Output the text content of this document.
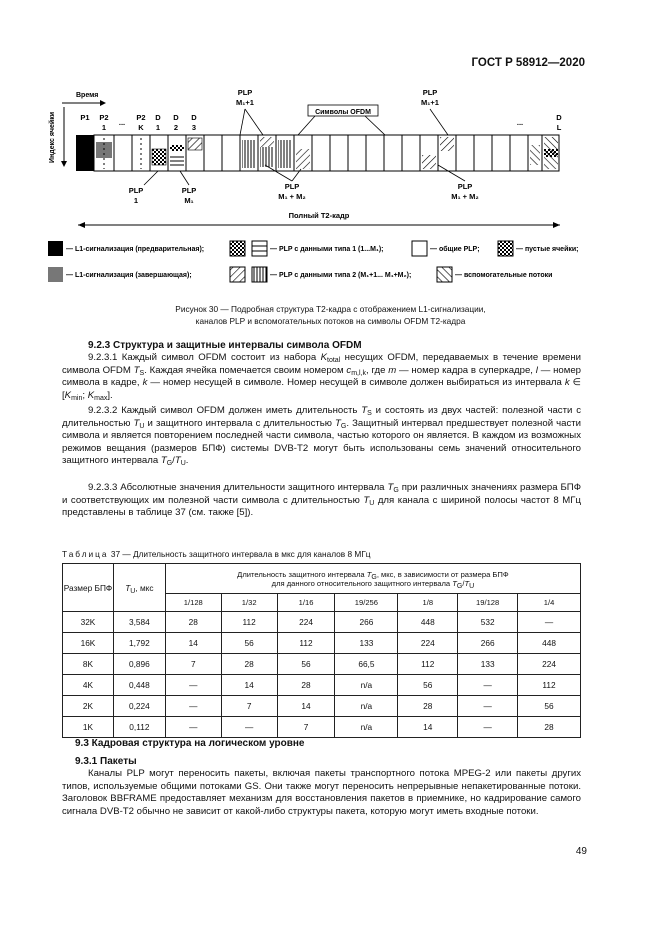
ГОСТ Р 58912—2020
Время
Индекс ячейки	P1 P2
1
...
P2
K
D
1
D
2
D
3
...
D
L
PLP
M₁+1
Символы OFDM
PLP
M₁+1
PLP
1
PLP
M₁
PLP
M₁ + M₂
PLP
M₁ + M₂
Полный T2-кадр
— L1-сигнализация (предварительная);	— PLP с данными типа 1 (1...M₁);	— общие PLP;	— пустые ячейки;
— L1-сигнализация (завершающая);	— PLP с данными типа 2 (M₁+1... M₁+M₂);	— вспомогательные потоки
Рисунок 30 — Подробная структура T2-кадра с отображением L1-сигнализации,
каналов PLP и вспомогательных потоков на символы OFDM T2-кадра
9.2.3 Структура и защитные интервалы символа OFDM

9.2.3.1 Каждый символ OFDM состоит из набора $K_{total}$ несущих OFDM, передаваемых в течение времени символа OFDM $T_S$. Каждая ячейка помечается своим номером $c_{m,l,k}$, где m — номер кадра в суперкадре, l — номер символа в кадре, k — номер несущей в символе. Номер несущей в символе должен выбираться из интервала k ∈ [$K_{min}$; $K_{max}$].

9.2.3.2 Каждый символ OFDM должен иметь длительность $T_S$ и состоять из двух частей: полезной части с длительностью $T_U$ и защитного интервала с длительностью $T_G$. Защитный интервал предшествует полезной части символа и является повторением последней части символа, частью которого он является. В каждом из возможных режимов вещания (размеров БПФ) системы DVB-T2 могут быть использованы семь значений относительного защитного интервала $T_G/T_U$.

9.2.3.3 Абсолютные значения длительности защитного интервала $T_G$ при различных значениях размера БПФ и соответствующих им полезной части символа с длительностью $T_U$ для канала с шириной полосы частот 8 МГц представлены в таблице 37 (см. также [5]).

Таблица 37 — Длительность защитного интервала в мкс для каналов 8 МГц
Размер БПФ	$T_U$, мкс	Длительность защитного интервала $T_G$, мкс, в зависимости от размера БПФ
для данного относительного защитного интервала $T_G/T_U$

		1/128	1/32	1/16	19/256	1/8	19/128	1/4
32K	3,584	28	112	224	266	448	532	—
16K	1,792	14	56	112	133	224	266	448
8K	0,896	7	28	56	66,5	112	133	224
4K	0,448	—	14	28	n/a	56	—	112
2K	0,224	—	7	14	n/a	28	—	56
1K	0,112	—	—	7	n/a	14	—	28
9.3 Кадровая структура на логическом уровне
9.3.1 Пакеты

Каналы PLP могут переносить пакеты, включая пакеты транспортного потока MPEG-2 или пакеты других типов, используемые общими потоками GS. Они также могут переносить непрерывные непакетированные потоки. Заголовок BBFRAME предоставляет механизм для восстановления пакетов в приемнике, но кадрирование самого сигнала DVB-T2 обычно не зависит от какой-либо структуры пакета, которую могут иметь входные потоки.

49
